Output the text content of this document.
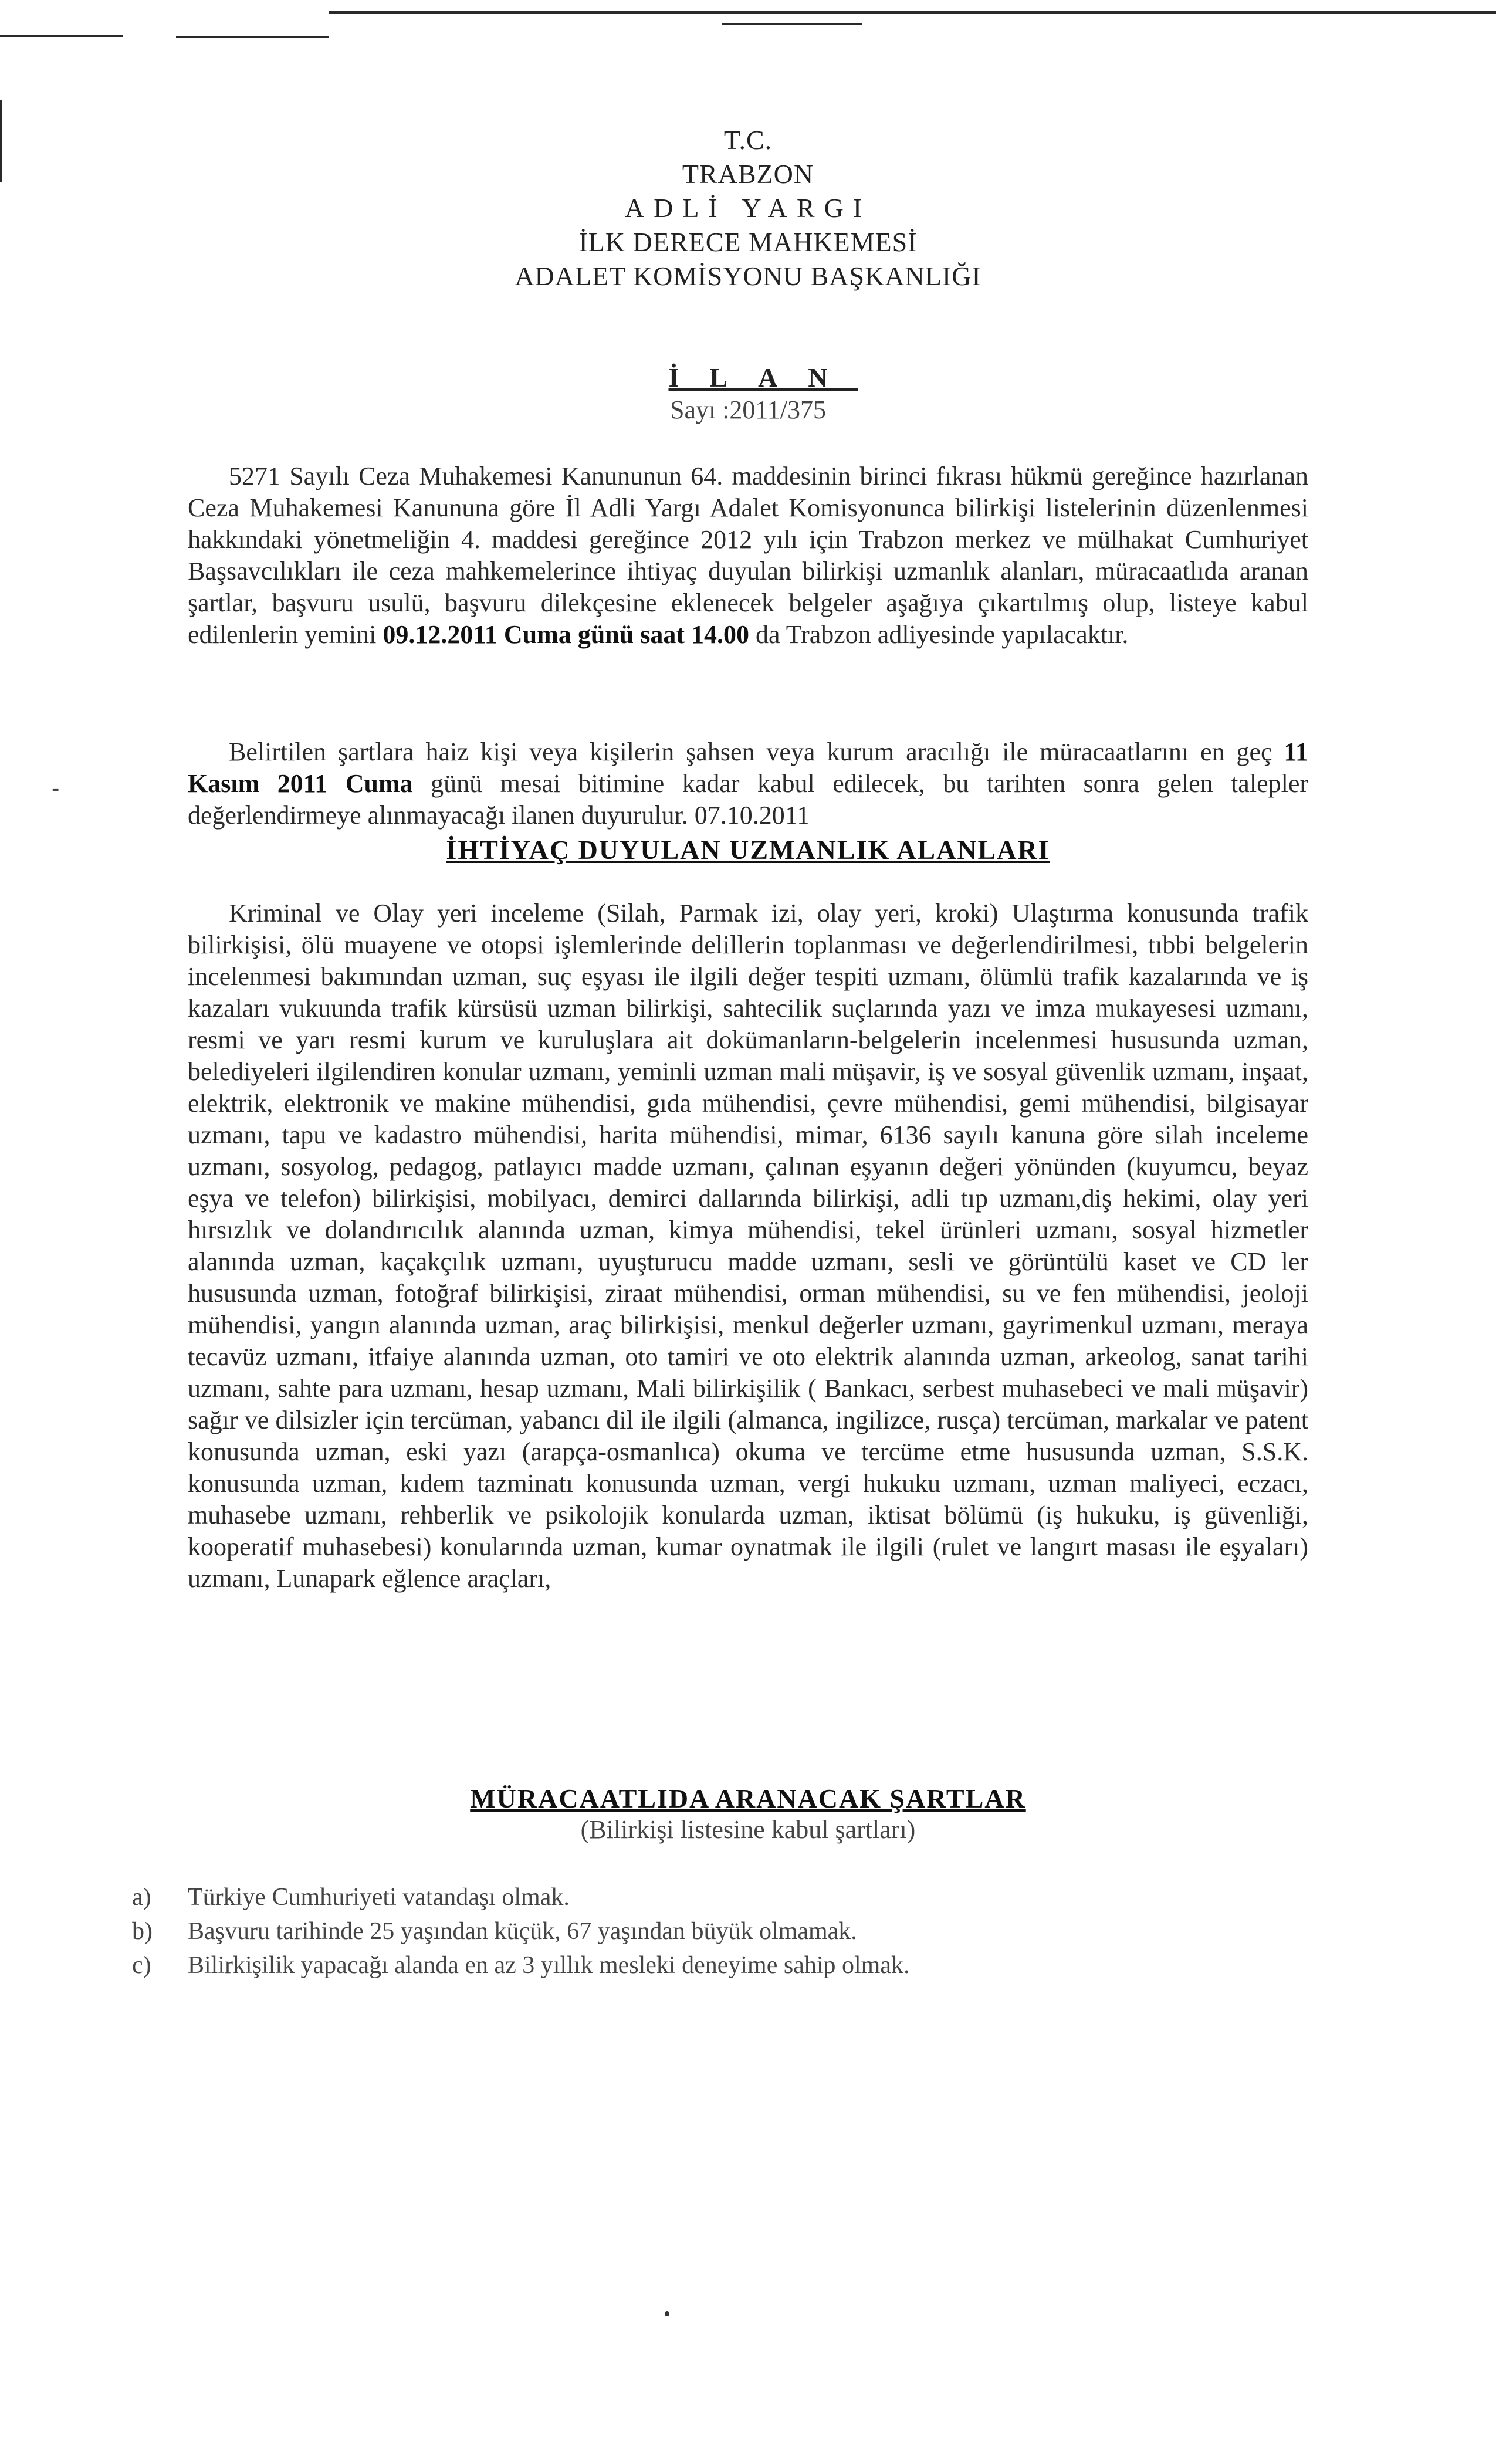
-
T.C.
TRABZON
ADLİ YARGI
İLK DERECE MAHKEMESİ
ADALET KOMİSYONU BAŞKANLIĞI
İLAN
Sayı :2011/375
5271 Sayılı Ceza Muhakemesi Kanununun 64. maddesinin birinci fıkrası hükmü gereğince hazırlanan Ceza Muhakemesi Kanununa göre İl Adli Yargı Adalet Komisyonunca bilirkişi listelerinin düzenlenmesi hakkındaki yönetmeliğin 4. maddesi gereğince 2012 yılı için Trabzon merkez ve mülhakat Cumhuriyet Başsavcılıkları ile ceza mahkemelerince ihtiyaç duyulan bilirkişi uzmanlık alanları, müracaatlıda aranan şartlar, başvuru usulü, başvuru dilekçesine eklenecek belgeler aşağıya çıkartılmış olup, listeye kabul edilenlerin yemini 09.12.2011 Cuma günü saat 14.00 da Trabzon adliyesinde yapılacaktır.
Belirtilen şartlara haiz kişi veya kişilerin şahsen veya kurum aracılığı ile müracaatlarını en geç 11 Kasım 2011 Cuma günü mesai bitimine kadar kabul edilecek, bu tarihten sonra gelen talepler değerlendirmeye alınmayacağı ilanen duyurulur. 07.10.2011
İHTİYAÇ DUYULAN UZMANLIK ALANLARI
Kriminal ve Olay yeri inceleme (Silah, Parmak izi, olay yeri, kroki) Ulaştırma konusunda trafik bilirkişisi, ölü muayene ve otopsi işlemlerinde delillerin toplanması ve değerlendirilmesi, tıbbi belgelerin incelenmesi bakımından uzman, suç eşyası ile ilgili değer tespiti uzmanı, ölümlü trafik kazalarında ve iş kazaları vukuunda trafik kürsüsü uzman bilirkişi, sahtecilik suçlarında yazı ve imza mukayesesi uzmanı, resmi ve yarı resmi kurum ve kuruluşlara ait dokümanların-belgelerin incelenmesi hususunda uzman, belediyeleri ilgilendiren konular uzmanı, yeminli uzman mali müşavir, iş ve sosyal güvenlik uzmanı, inşaat, elektrik, elektronik ve makine mühendisi, gıda mühendisi, çevre mühendisi, gemi mühendisi, bilgisayar uzmanı, tapu ve kadastro mühendisi, harita mühendisi, mimar, 6136 sayılı kanuna göre silah inceleme uzmanı, sosyolog, pedagog, patlayıcı madde uzmanı, çalınan eşyanın değeri yönünden (kuyumcu, beyaz eşya ve telefon) bilirkişisi, mobilyacı, demirci dallarında bilirkişi, adli tıp uzmanı,diş hekimi, olay yeri hırsızlık ve dolandırıcılık alanında uzman, kimya mühendisi, tekel ürünleri uzmanı, sosyal hizmetler alanında uzman, kaçakçılık uzmanı, uyuşturucu madde uzmanı, sesli ve görüntülü kaset ve CD ler hususunda uzman, fotoğraf bilirkişisi, ziraat mühendisi, orman mühendisi, su ve fen mühendisi, jeoloji mühendisi, yangın alanında uzman, araç bilirkişisi, menkul değerler uzmanı, gayrimenkul uzmanı, meraya tecavüz uzmanı, itfaiye alanında uzman, oto tamiri ve oto elektrik alanında uzman, arkeolog, sanat tarihi uzmanı, sahte para uzmanı, hesap uzmanı, Mali bilirkişilik ( Bankacı, serbest muhasebeci ve mali müşavir) sağır ve dilsizler için tercüman, yabancı dil ile ilgili (almanca, ingilizce, rusça) tercüman, markalar ve patent konusunda uzman, eski yazı (arapça-osmanlıca) okuma ve tercüme etme hususunda uzman, S.S.K. konusunda uzman, kıdem tazminatı konusunda uzman, vergi hukuku uzmanı, uzman maliyeci, eczacı, muhasebe uzmanı, rehberlik ve psikolojik konularda uzman, iktisat bölümü (iş hukuku, iş güvenliği, kooperatif muhasebesi) konularında uzman, kumar oynatmak ile ilgili (rulet ve langırt masası ile eşyaları) uzmanı, Lunapark eğlence araçları,
MÜRACAATLIDA ARANACAK ŞARTLAR
(Bilirkişi listesine kabul şartları)
a)	Türkiye Cumhuriyeti vatandaşı olmak.
b)	Başvuru tarihinde 25 yaşından küçük, 67 yaşından büyük olmamak.
c)	Bilirkişilik yapacağı alanda en az 3 yıllık mesleki deneyime sahip olmak.
